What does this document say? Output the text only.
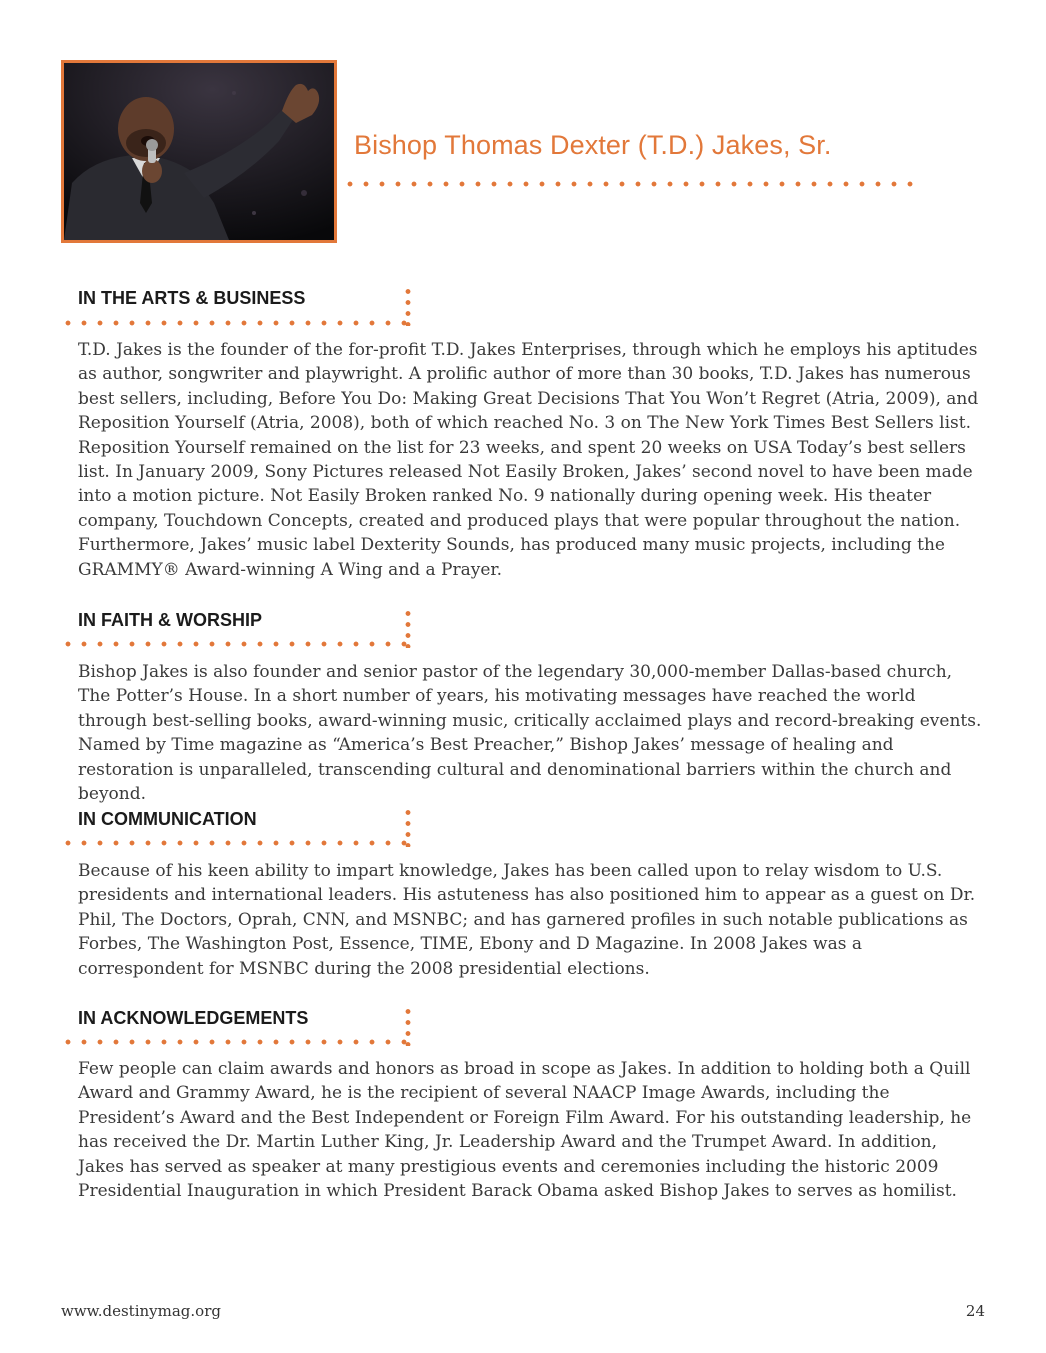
Bishop Thomas Dexter (T.D.) Jakes, Sr.
IN THE ARTS & BUSINESS

T.D. Jakes is the founder of the for-profit T.D. Jakes Enterprises, through which he employs his aptitudes as author, songwriter and playwright. A prolific author of more than 30 books, T.D. Jakes has numerous best sellers, including, Before You Do: Making Great Decisions That You Won’t Regret (Atria, 2009), and Reposition Yourself (Atria, 2008), both of which reached No. 3 on The New York Times Best Sellers list. Reposition Yourself remained on the list for 23 weeks, and spent 20 weeks on USA Today’s best sellers list. In January 2009, Sony Pictures released Not Easily Broken, Jakes’ second novel to have been made into a motion picture. Not Easily Broken ranked No. 9 nationally during opening week. His theater company, Touchdown Concepts, created and produced plays that were popular throughout the nation. Furthermore, Jakes’ music label Dexterity Sounds, has produced many music projects, including the GRAMMY® Award-winning A Wing and a Prayer.

IN FAITH & WORSHIP

Bishop Jakes is also founder and senior pastor of the legendary 30,000-member Dallas-based church, The Potter’s House. In a short number of years, his motivating messages have reached the world through best-selling books, award-winning music, critically acclaimed plays and record-breaking events. Named by Time magazine as “America’s Best Preacher,” Bishop Jakes’ message of healing and restoration is unparalleled, transcending cultural and denominational barriers within the church and beyond.

IN COMMUNICATION

Because of his keen ability to impart knowledge, Jakes has been called upon to relay wisdom to U.S. presidents and international leaders. His astuteness has also positioned him to appear as a guest on Dr. Phil, The Doctors, Oprah, CNN, and MSNBC; and has garnered profiles in such notable publications as Forbes, The Washington Post, Essence, TIME, Ebony and D Magazine. In 2008 Jakes was a correspondent for MSNBC during the 2008 presidential elections.

IN ACKNOWLEDGEMENTS

Few people can claim awards and honors as broad in scope as Jakes. In addition to holding both a Quill Award and Grammy Award, he is the recipient of several NAACP Image Awards, including the President’s Award and the Best Independent or Foreign Film Award. For his outstanding leadership, he has received the Dr. Martin Luther King, Jr. Leadership Award and the Trumpet Award. In addition, Jakes has served as speaker at many prestigious events and ceremonies including the historic 2009 Presidential Inauguration in which President Barack Obama asked Bishop Jakes to serves as homilist.

www.destinymag.org	24
